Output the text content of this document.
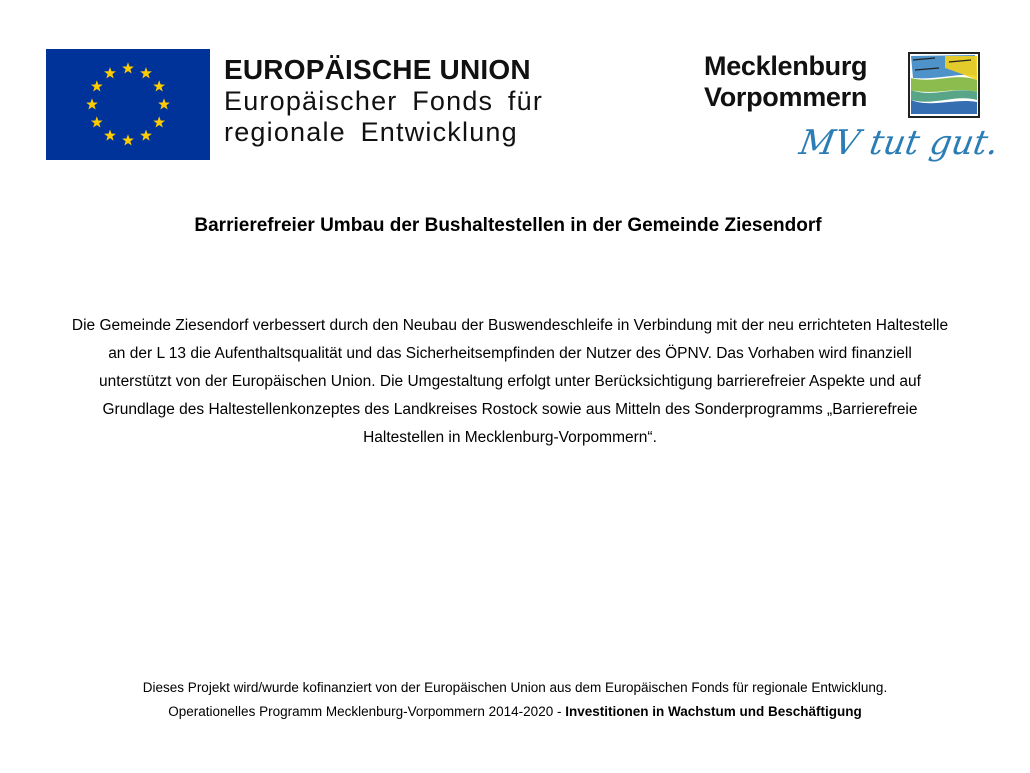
EUROPÄISCHE UNION
Europäischer Fonds für
regionale Entwicklung
Mecklenburg
Vorpommern
MV tut gut.
Barrierefreier Umbau der Bushaltestellen in der Gemeinde Ziesendorf
Die Gemeinde Ziesendorf verbessert durch den Neubau der Buswendeschleife in Verbindung mit der neu errichteten Haltestelle an der L 13 die Aufenthaltsqualität und das Sicherheitsempfinden der Nutzer des ÖPNV. Das Vorhaben wird finanziell unterstützt von der Europäischen Union. Die Umgestaltung erfolgt unter Berücksichtigung barrierefreier Aspekte und auf Grundlage des Haltestellenkonzeptes des Landkreises Rostock sowie aus Mitteln des Sonderprogramms „Barrierefreie Haltestellen in Mecklenburg-Vorpommern“.
Dieses Projekt wird/wurde kofinanziert von der Europäischen Union aus dem Europäischen Fonds für regionale Entwicklung.
Operationelles Programm Mecklenburg-Vorpommern 2014-2020 - Investitionen in Wachstum und Beschäftigung
